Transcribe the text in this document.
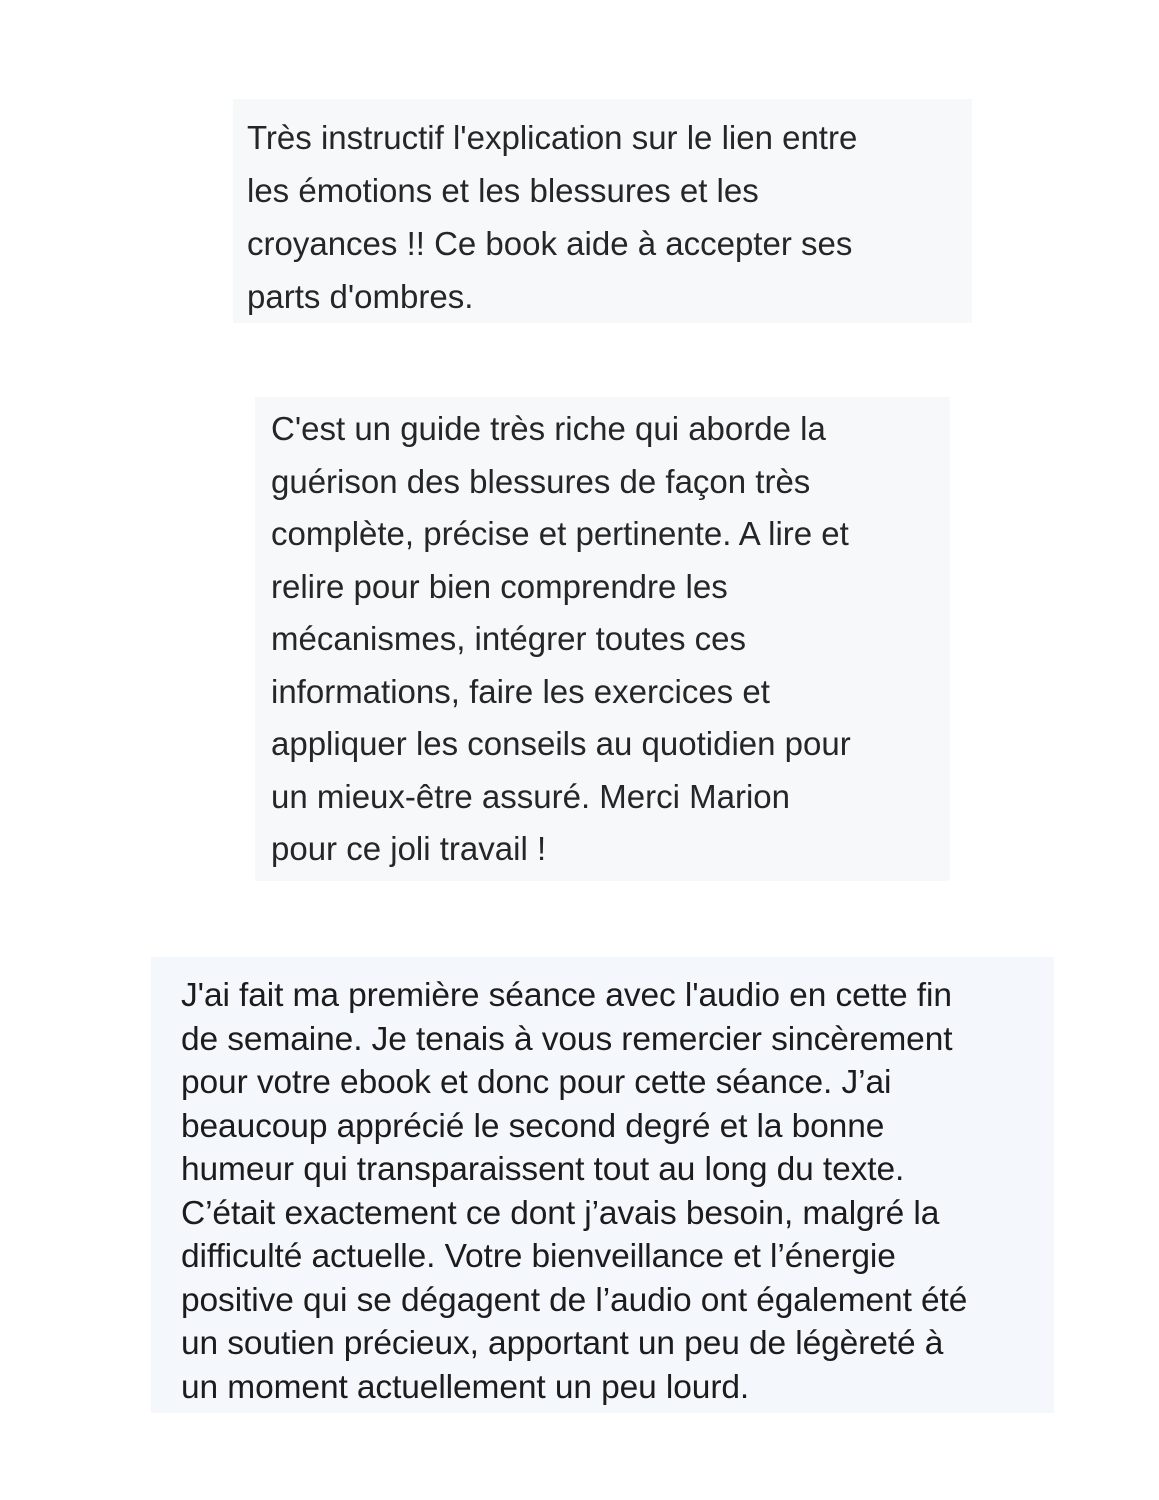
Très instructif l'explication sur le lien entre
les émotions et les blessures et les
croyances !! Ce book aide à accepter ses
parts d'ombres.
C'est un guide très riche qui aborde la
guérison des blessures de façon très
complète, précise et pertinente. A lire et
relire pour bien comprendre les
mécanismes, intégrer toutes ces
informations, faire les exercices et
appliquer les conseils au quotidien pour
un mieux-être assuré. Merci Marion
pour ce joli travail !
J'ai fait ma première séance avec l'audio en cette fin
de semaine. Je tenais à vous remercier sincèrement
pour votre ebook et donc pour cette séance. J’ai
beaucoup apprécié le second degré et la bonne
humeur qui transparaissent tout au long du texte.
C’était exactement ce dont j’avais besoin, malgré la
difficulté actuelle. Votre bienveillance et l’énergie
positive qui se dégagent de l’audio ont également été
un soutien précieux, apportant un peu de légèreté à
un moment actuellement un peu lourd.
